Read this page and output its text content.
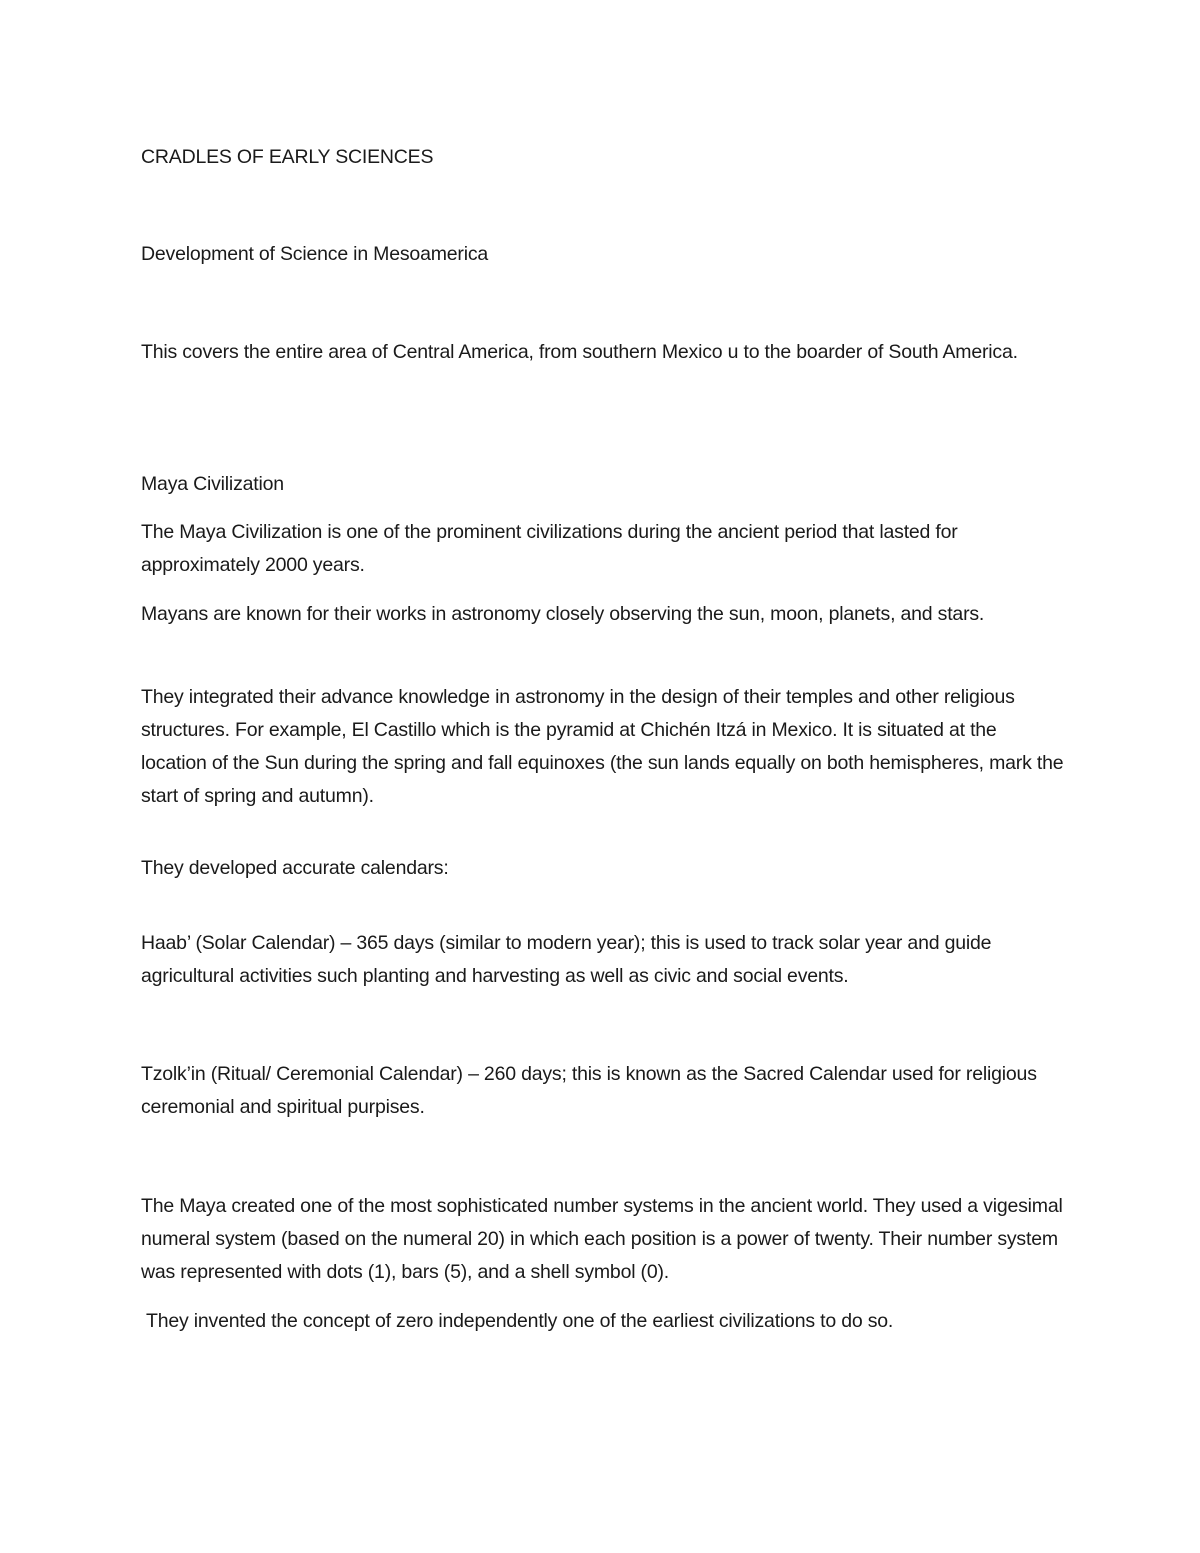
CRADLES OF EARLY SCIENCES

Development of Science in Mesoamerica

This covers the entire area of Central America, from southern Mexico u to the boarder of South America.

Maya Civilization

The Maya Civilization is one of the prominent civilizations during the ancient period that lasted for approximately 2000 years.

Mayans are known for their works in astronomy closely observing the sun, moon, planets, and stars.

They integrated their advance knowledge in astronomy in the design of their temples and other religious structures. For example, El Castillo which is the pyramid at Chichén Itzá in Mexico. It is situated at the location of the Sun during the spring and fall equinoxes (the sun lands equally on both hemispheres, mark the start of spring and autumn).

They developed accurate calendars:

Haab’ (Solar Calendar) – 365 days (similar to modern year); this is used to track solar year and guide agricultural activities such planting and harvesting as well as civic and social events.

Tzolk’in (Ritual/ Ceremonial Calendar) – 260 days; this is known as the Sacred Calendar used for religious ceremonial and spiritual purpises.

The Maya created one of the most sophisticated number systems in the ancient world. They used a vigesimal numeral system (based on the numeral 20) in which each position is a power of twenty. Their number system was represented with dots (1), bars (5), and a shell symbol (0).

They invented the concept of zero independently one of the earliest civilizations to do so.
